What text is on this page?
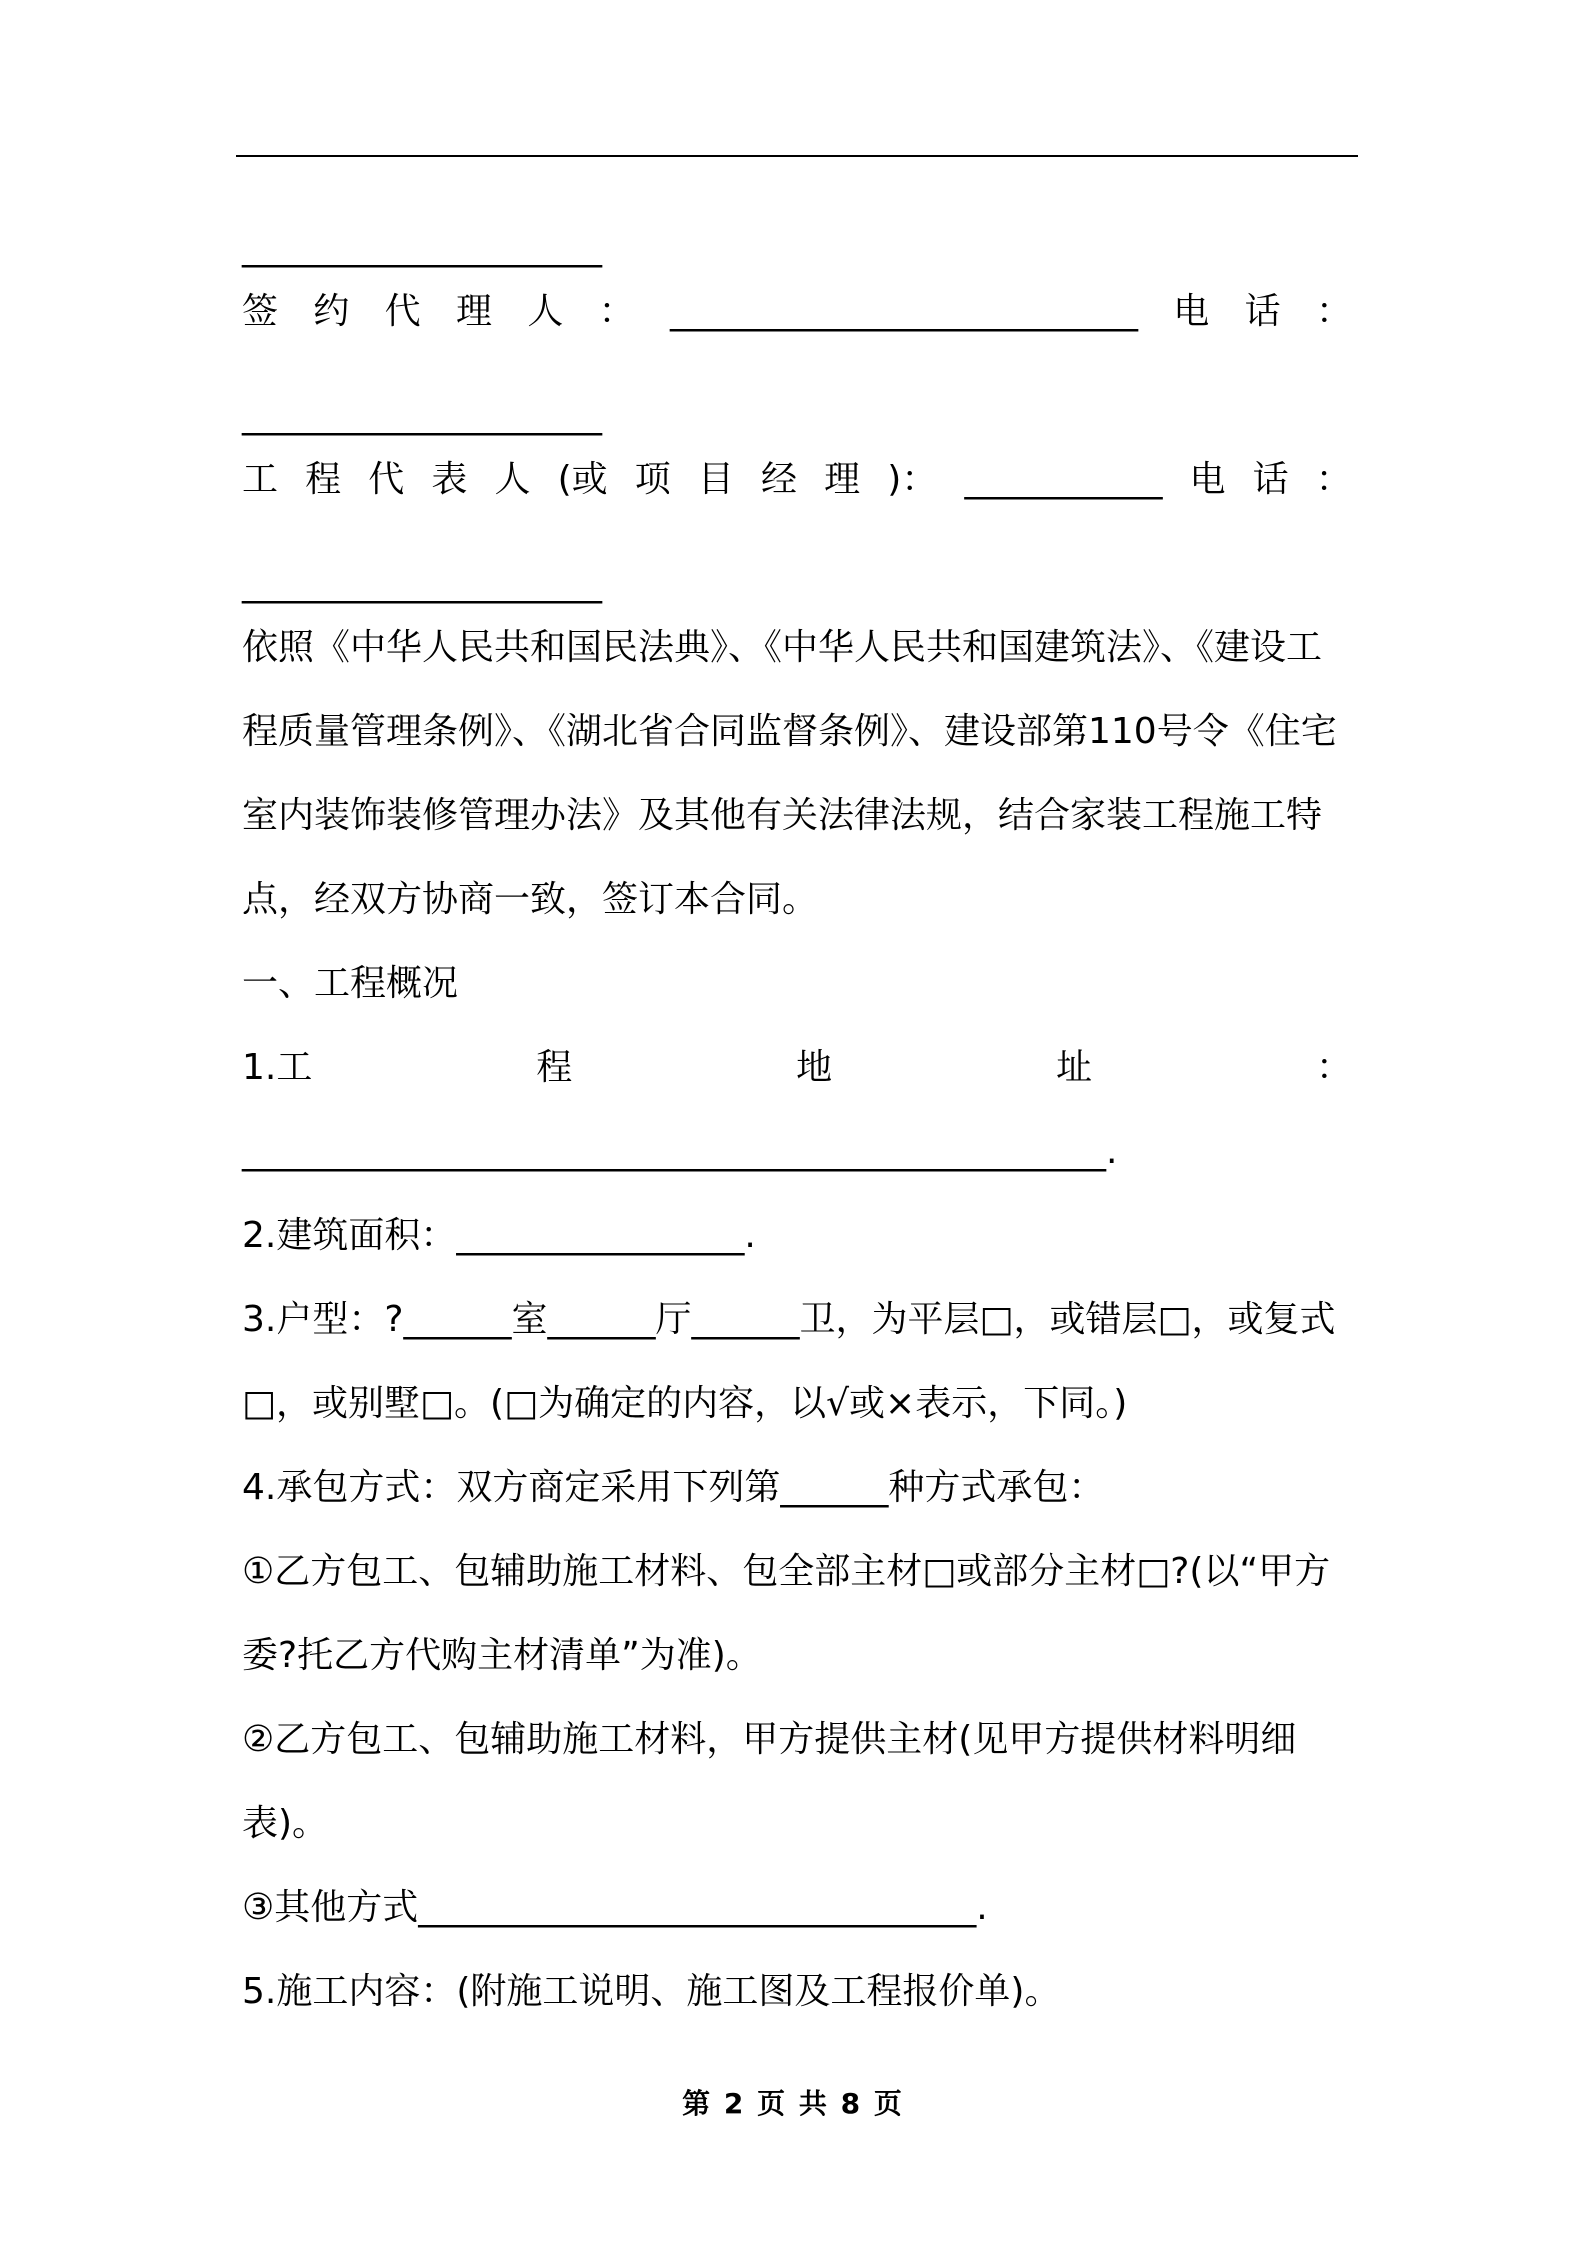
____________________
签 约 代 理 人 ： __________________________ 电 话 ：
____________________
工 程 代 表 人 (或 项 目 经 理 )： ___________ 电 话 ：
____________________
依照《中华人民共和国民法典》、《中华人民共和国建筑法》、《建设工程质量管理条例》、《湖北省合同监督条例》、建设部第110号令《住宅室内装饰装修管理办法》及其他有关法律法规，结合家装工程施工特点，经双方协商一致，签订本合同。
一、工程概况
1.工	程	地	址	：
________________________________________________.
2.建筑面积：________________.
3.户型：?______室______厅______卫，为平层□，或错层□，或复式□，或别墅□。(□为确定的内容，以√或×表示，下同。)
4.承包方式：双方商定采用下列第______种方式承包：
①乙方包工、包辅助施工材料、包全部主材□或部分主材□?(以“甲方委?托乙方代购主材清单”为准)。
②乙方包工、包辅助施工材料，甲方提供主材(见甲方提供材料明细表)。
③其他方式_______________________________.
5.施工内容：(附施工说明、施工图及工程报价单)。
第 2 页 共 8 页
